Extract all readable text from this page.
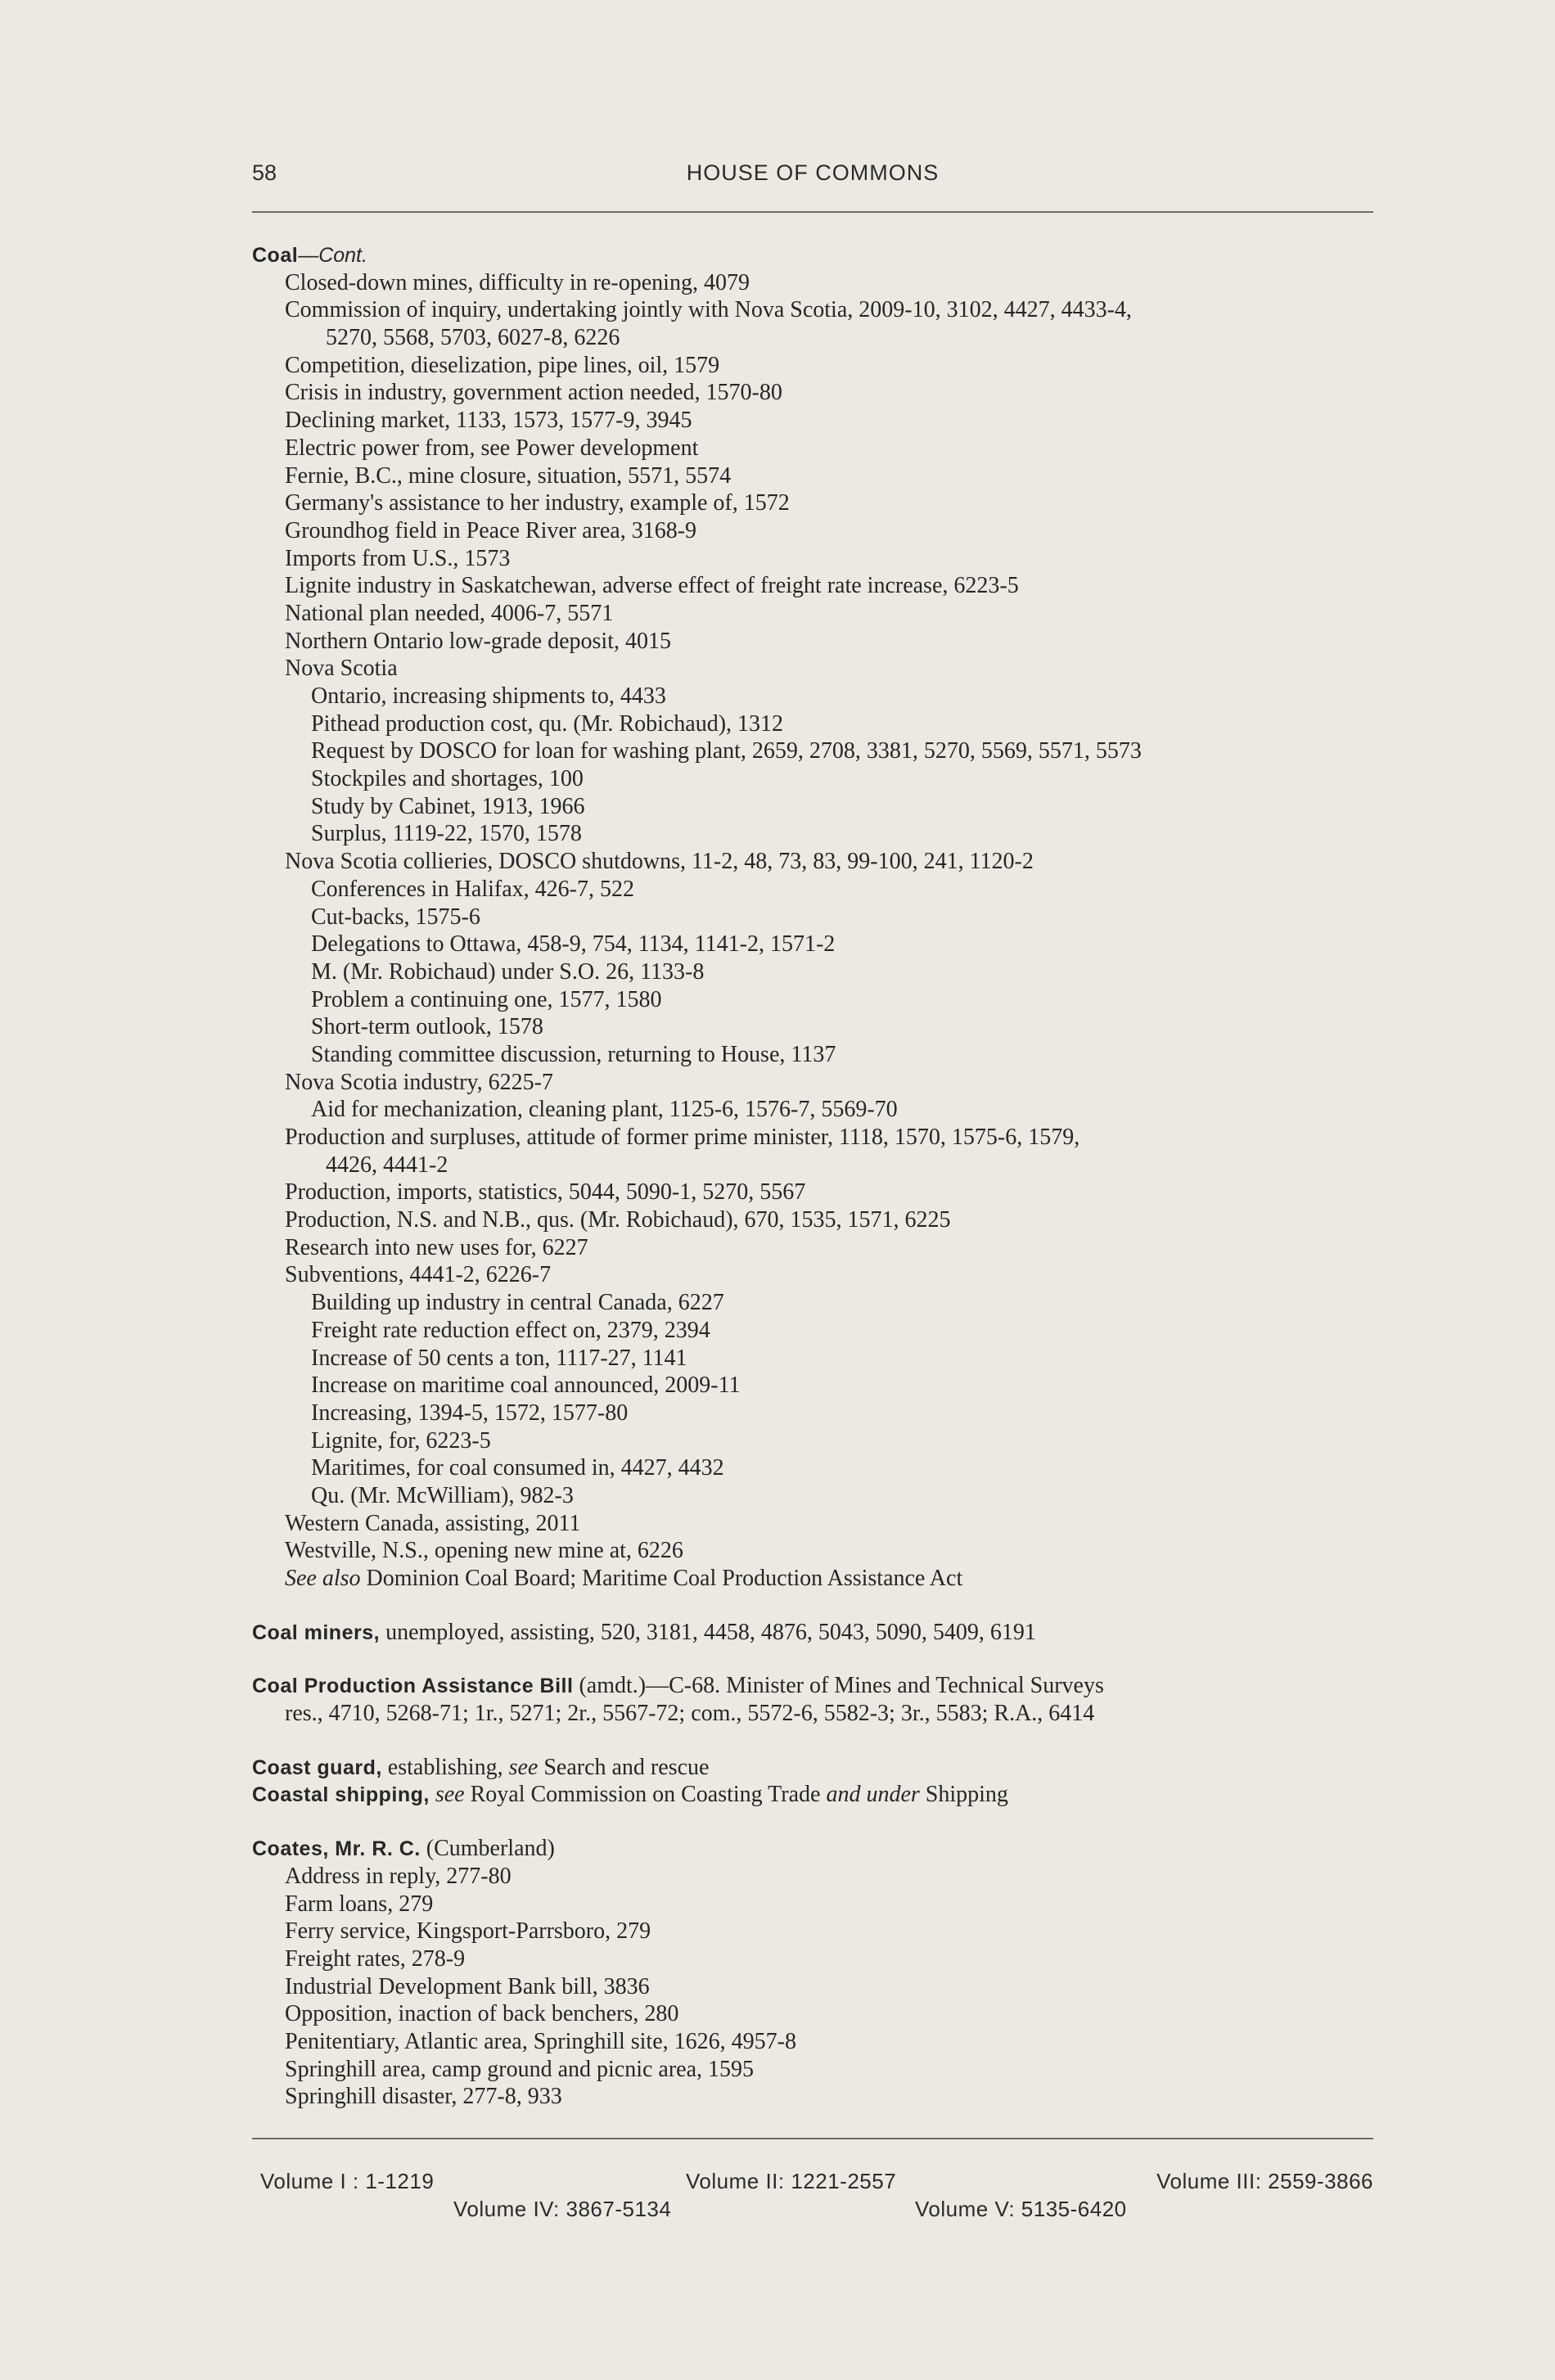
58	HOUSE OF COMMONS
Coal—Cont.
Closed-down mines, difficulty in re-opening, 4079
Commission of inquiry, undertaking jointly with Nova Scotia, 2009-10, 3102, 4427, 4433-4,
5270, 5568, 5703, 6027-8, 6226
Competition, dieselization, pipe lines, oil, 1579
Crisis in industry, government action needed, 1570-80
Declining market, 1133, 1573, 1577-9, 3945
Electric power from, see Power development
Fernie, B.C., mine closure, situation, 5571, 5574
Germany's assistance to her industry, example of, 1572
Groundhog field in Peace River area, 3168-9
Imports from U.S., 1573
Lignite industry in Saskatchewan, adverse effect of freight rate increase, 6223-5
National plan needed, 4006-7, 5571
Northern Ontario low-grade deposit, 4015
Nova Scotia
Ontario, increasing shipments to, 4433
Pithead production cost, qu. (Mr. Robichaud), 1312
Request by DOSCO for loan for washing plant, 2659, 2708, 3381, 5270, 5569, 5571, 5573
Stockpiles and shortages, 100
Study by Cabinet, 1913, 1966
Surplus, 1119-22, 1570, 1578
Nova Scotia collieries, DOSCO shutdowns, 11-2, 48, 73, 83, 99-100, 241, 1120-2
Conferences in Halifax, 426-7, 522
Cut-backs, 1575-6
Delegations to Ottawa, 458-9, 754, 1134, 1141-2, 1571-2
M. (Mr. Robichaud) under S.O. 26, 1133-8
Problem a continuing one, 1577, 1580
Short-term outlook, 1578
Standing committee discussion, returning to House, 1137
Nova Scotia industry, 6225-7
Aid for mechanization, cleaning plant, 1125-6, 1576-7, 5569-70
Production and surpluses, attitude of former prime minister, 1118, 1570, 1575-6, 1579,
4426, 4441-2
Production, imports, statistics, 5044, 5090-1, 5270, 5567
Production, N.S. and N.B., qus. (Mr. Robichaud), 670, 1535, 1571, 6225
Research into new uses for, 6227
Subventions, 4441-2, 6226-7
Building up industry in central Canada, 6227
Freight rate reduction effect on, 2379, 2394
Increase of 50 cents a ton, 1117-27, 1141
Increase on maritime coal announced, 2009-11
Increasing, 1394-5, 1572, 1577-80
Lignite, for, 6223-5
Maritimes, for coal consumed in, 4427, 4432
Qu. (Mr. McWilliam), 982-3
Western Canada, assisting, 2011
Westville, N.S., opening new mine at, 6226
See also Dominion Coal Board; Maritime Coal Production Assistance Act
Coal miners, unemployed, assisting, 520, 3181, 4458, 4876, 5043, 5090, 5409, 6191
Coal Production Assistance Bill (amdt.)—C-68. Minister of Mines and Technical Surveys
res., 4710, 5268-71; 1r., 5271; 2r., 5567-72; com., 5572-6, 5582-3; 3r., 5583; R.A., 6414
Coast guard, establishing, see Search and rescue
Coastal shipping, see Royal Commission on Coasting Trade and under Shipping
Coates, Mr. R. C. (Cumberland)
Address in reply, 277-80
Farm loans, 279
Ferry service, Kingsport-Parrsboro, 279
Freight rates, 278-9
Industrial Development Bank bill, 3836
Opposition, inaction of back benchers, 280
Penitentiary, Atlantic area, Springhill site, 1626, 4957-8
Springhill area, camp ground and picnic area, 1595
Springhill disaster, 277-8, 933
Volume I : 1-1219	Volume II: 1221-2557	Volume III: 2559-3866
Volume IV: 3867-5134	Volume V: 5135-6420
